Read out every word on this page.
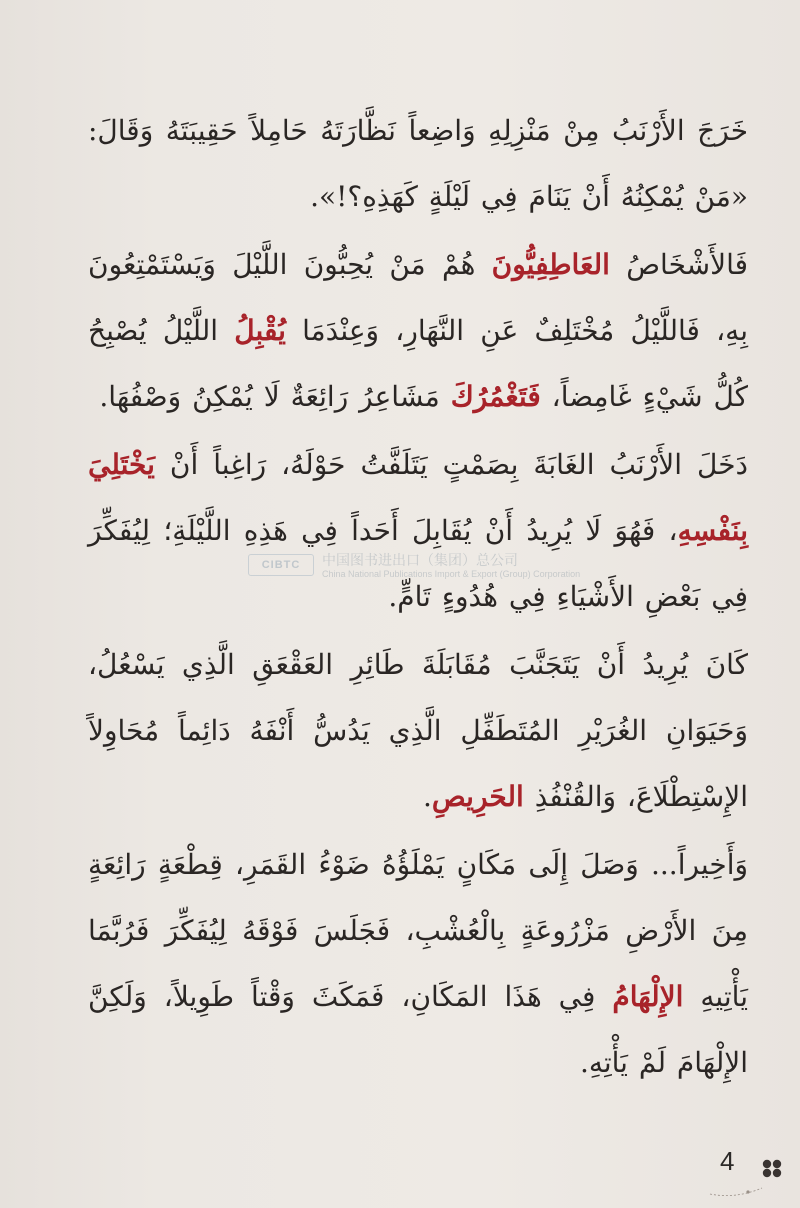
خَرَجَ الأَرْنَبُ مِنْ مَنْزِلِهِ وَاضِعاً نَظَّارَتَهُ حَامِلاً حَقِيبَتَهُ وَقَالَ: «مَنْ يُمْكِنُهُ أَنْ يَنَامَ فِي لَيْلَةٍ كَهَذِهِ؟!».

فَالأَشْخَاصُ العَاطِفِيُّونَ هُمْ مَنْ يُحِبُّونَ اللَّيْلَ وَيَسْتَمْتِعُونَ بِهِ، فَاللَّيْلُ مُخْتَلِفٌ عَنِ النَّهَارِ، وَعِنْدَمَا يُقْبِلُ اللَّيْلُ يُصْبِحُ كُلُّ شَيْءٍ غَامِضاً، فَتَغْمُرُكَ مَشَاعِرُ رَائِعَةٌ لَا يُمْكِنُ وَصْفُهَا.

دَخَلَ الأَرْنَبُ الغَابَةَ بِصَمْتٍ يَتَلَفَّتُ حَوْلَهُ، رَاغِباً أَنْ يَخْتَلِيَ بِنَفْسِهِ، فَهُوَ لَا يُرِيدُ أَنْ يُقَابِلَ أَحَداً فِي هَذِهِ اللَّيْلَةِ؛ لِيُفَكِّرَ فِي بَعْضِ الأَشْيَاءِ فِي هُدُوءٍ تَامٍّ.

كَانَ يُرِيدُ أَنْ يَتَجَنَّبَ مُقَابَلَةَ طَائِرِ العَقْعَقِ الَّذِي يَسْعُلُ، وَحَيَوَانِ الغُرَيْرِ المُتَطَفِّلِ الَّذِي يَدُسُّ أَنْفَهُ دَائِماً مُحَاوِلاً الإِسْتِطْلَاعَ، وَالقُنْفُذِ الحَرِيصِ.

وَأَخِيراً... وَصَلَ إِلَى مَكَانٍ يَمْلَؤُهُ ضَوْءُ القَمَرِ، قِطْعَةٍ رَائِعَةٍ مِنَ الأَرْضِ مَزْرُوعَةٍ بِالْعُشْبِ، فَجَلَسَ فَوْقَهُ لِيُفَكِّرَ فَرُبَّمَا يَأْتِيهِ الإِلْهَامُ فِي هَذَا المَكَانِ، فَمَكَثَ وَقْتاً طَوِيلاً، وَلَكِنَّ الإِلْهَامَ لَمْ يَأْتِهِ.

CIBTC	中国图书进出口（集团）总公司
China National Publications Import & Export (Group) Corporation
4
